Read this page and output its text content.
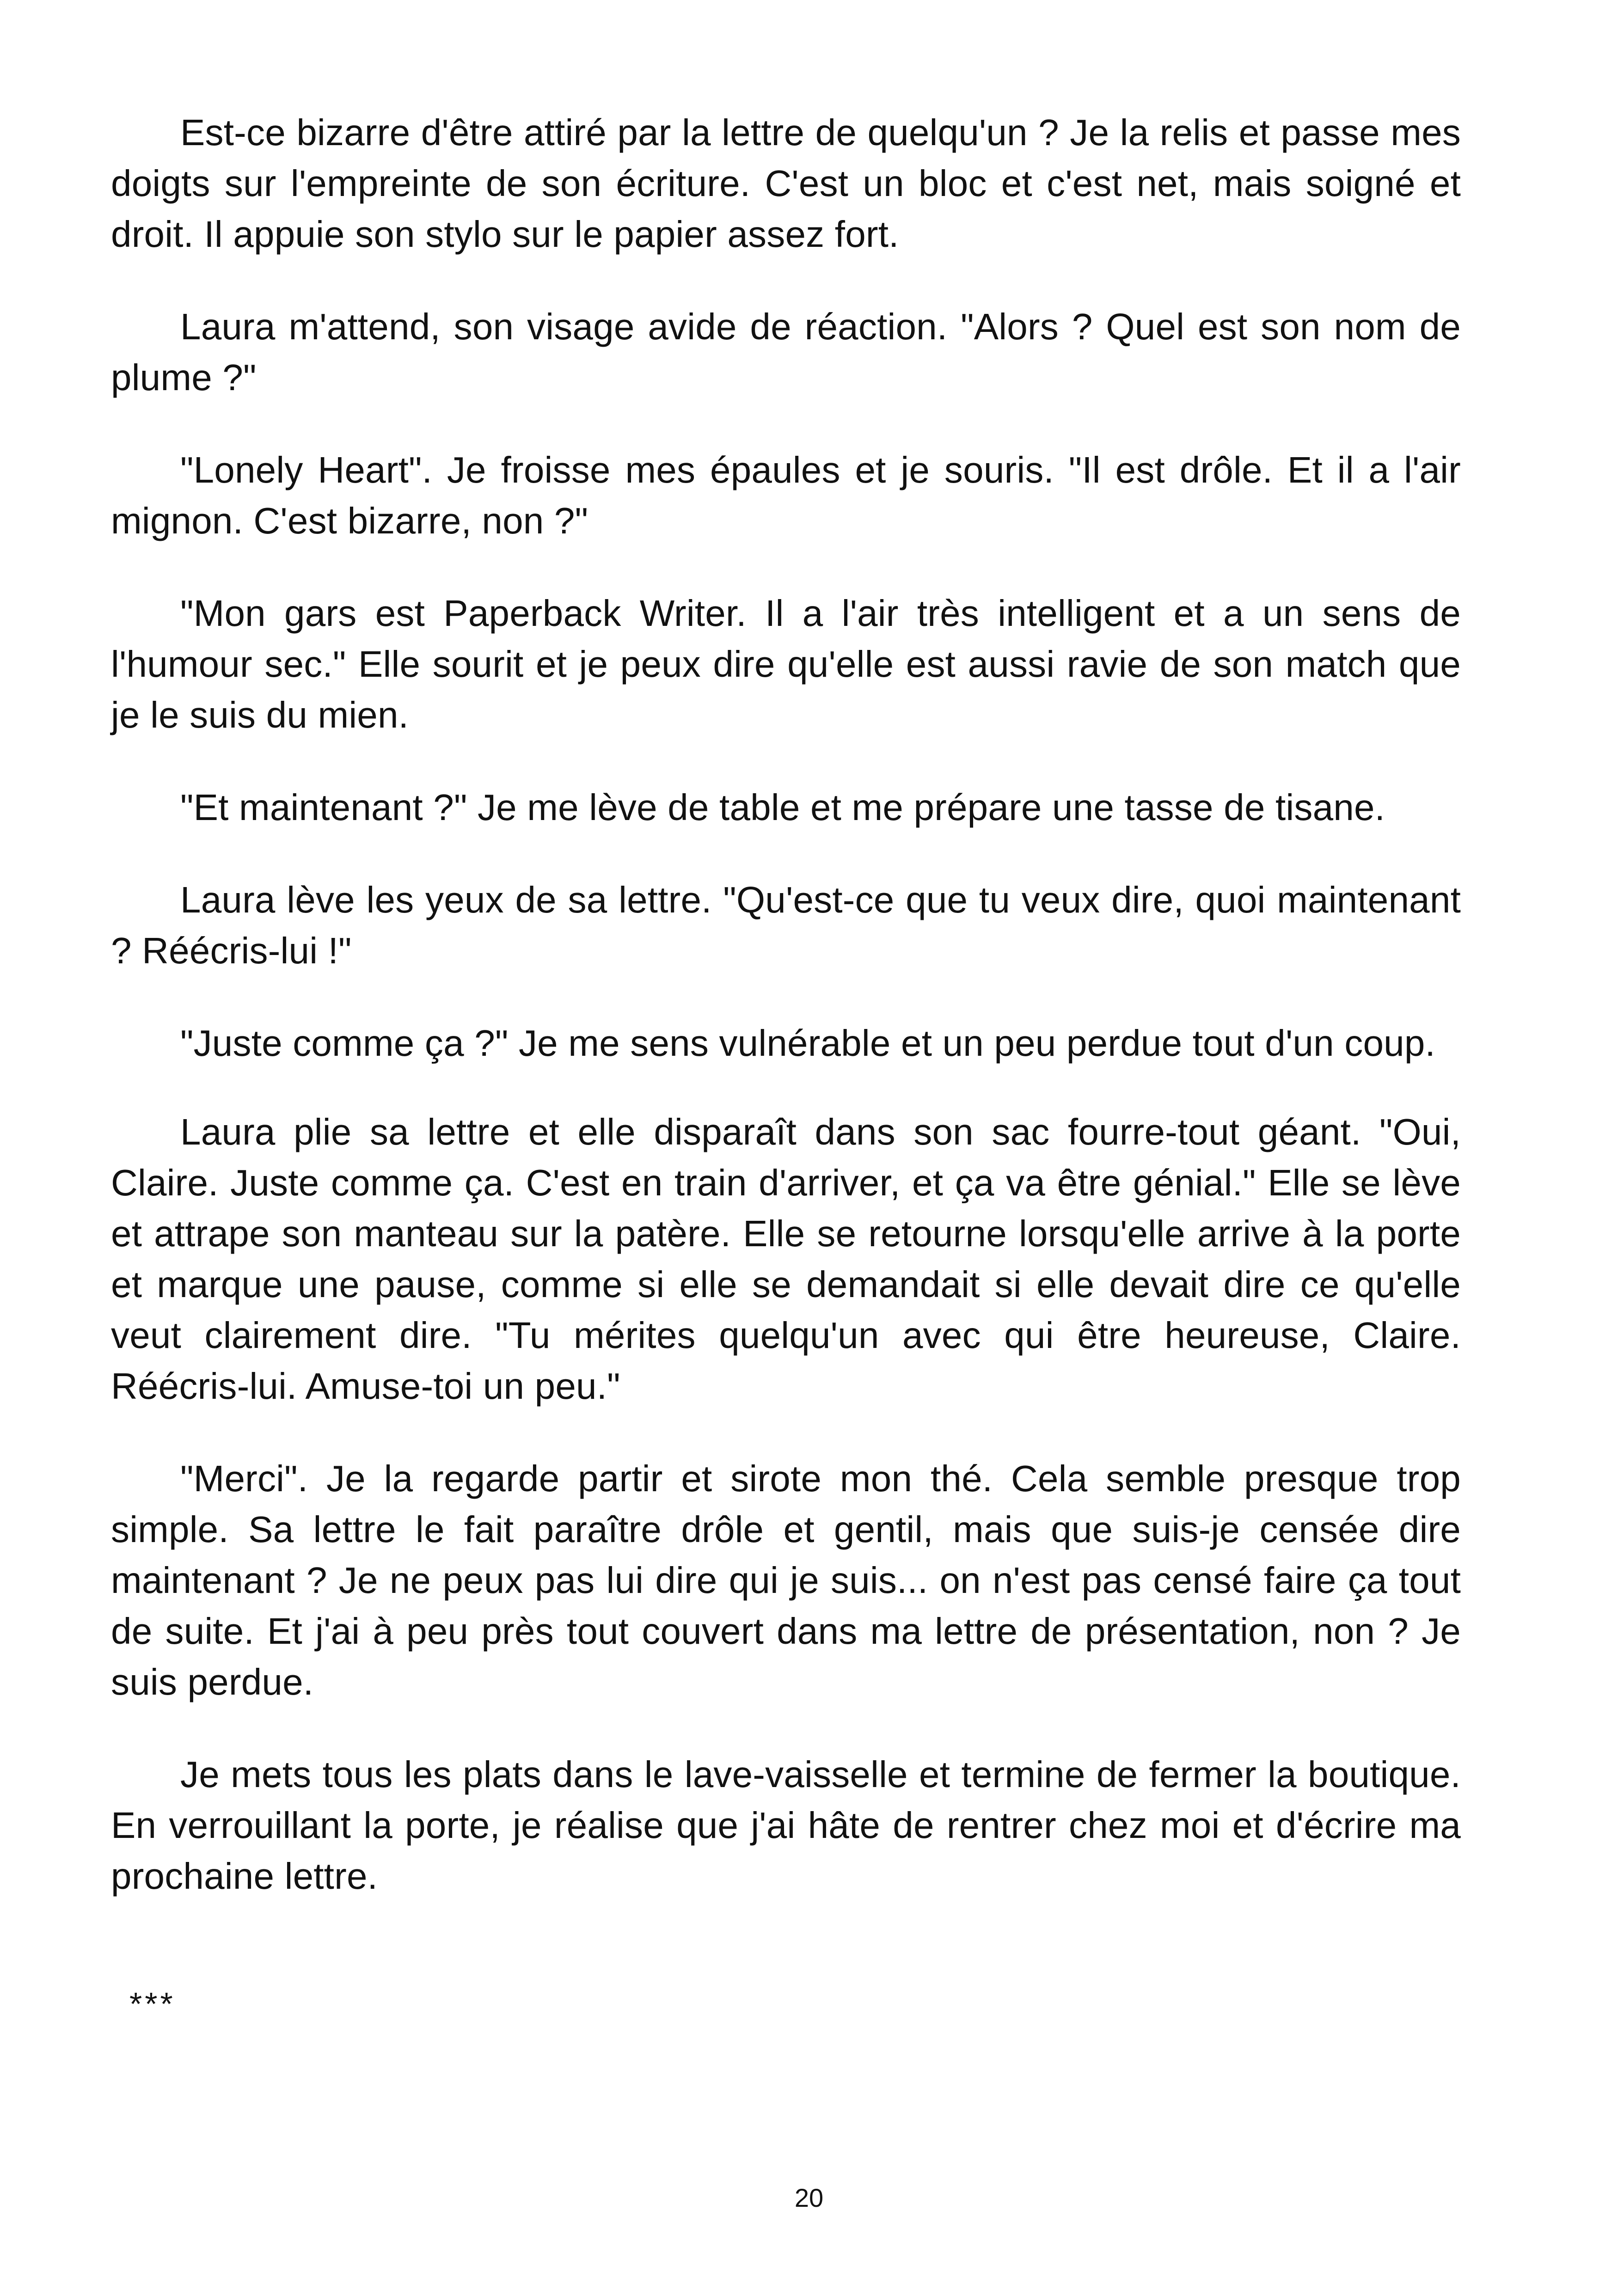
Est-ce bizarre d'être attiré par la lettre de quelqu'un ? Je la relis et passe mes doigts sur l'empreinte de son écriture. C'est un bloc et c'est net, mais soigné et droit. Il appuie son stylo sur le papier assez fort.

Laura m'attend, son visage avide de réaction. "Alors ? Quel est son nom de plume ?"

"Lonely Heart". Je froisse mes épaules et je souris. "Il est drôle. Et il a l'air mignon. C'est bizarre, non ?"

"Mon gars est Paperback Writer. Il a l'air très intelligent et a un sens de l'humour sec." Elle sourit et je peux dire qu'elle est aussi ravie de son match que je le suis du mien.

"Et maintenant ?" Je me lève de table et me prépare une tasse de tisane.

Laura lève les yeux de sa lettre. "Qu'est-ce que tu veux dire, quoi maintenant ? Réécris-lui !"

"Juste comme ça ?" Je me sens vulnérable et un peu perdue tout d'un coup.

Laura plie sa lettre et elle disparaît dans son sac fourre-tout géant. "Oui, Claire. Juste comme ça. C'est en train d'arriver, et ça va être génial." Elle se lève et attrape son manteau sur la patère. Elle se retourne lorsqu'elle arrive à la porte et marque une pause, comme si elle se demandait si elle devait dire ce qu'elle veut clairement dire. "Tu mérites quelqu'un avec qui être heureuse, Claire. Réécris-lui. Amuse-toi un peu."

"Merci". Je la regarde partir et sirote mon thé. Cela semble presque trop simple. Sa lettre le fait paraître drôle et gentil, mais que suis-je censée dire maintenant ? Je ne peux pas lui dire qui je suis... on n'est pas censé faire ça tout de suite. Et j'ai à peu près tout couvert dans ma lettre de présentation, non ? Je suis perdue.

Je mets tous les plats dans le lave-vaisselle et termine de fermer la boutique. En verrouillant la porte, je réalise que j'ai hâte de rentrer chez moi et d'écrire ma prochaine lettre.

***

20
